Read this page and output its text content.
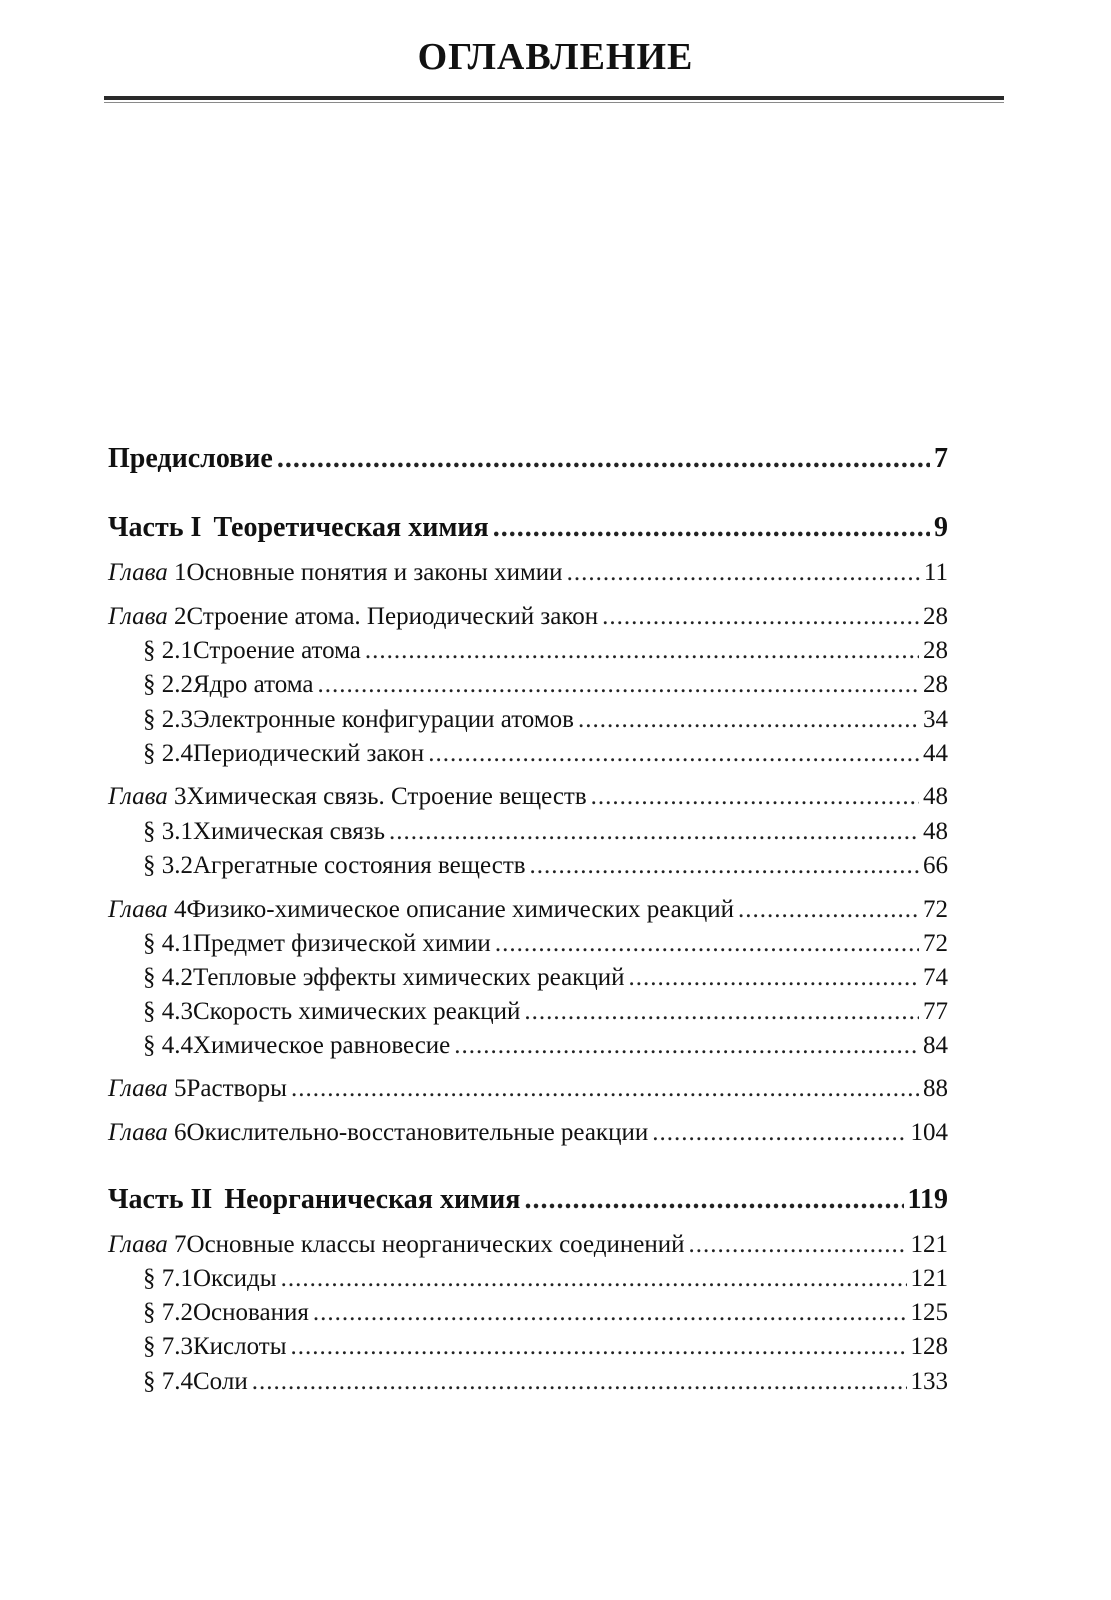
ОГЛАВЛЕНИЕ
Предисловие .....	7
Часть I Теоретическая химия .....	9
Глава 1 Основные понятия и законы химии .....	11
Глава 2 Строение атома. Периодический закон .....	28
§ 2.1 Строение атома .....	28
§ 2.2 Ядро атома .....	28
§ 2.3 Электронные конфигурации атомов .....	34
§ 2.4 Периодический закон .....	44
Глава 3 Химическая связь. Строение веществ .....	48
§ 3.1 Химическая связь .....	48
§ 3.2 Агрегатные состояния веществ .....	66
Глава 4 Физико-химическое описание химических реакций .....	72
§ 4.1 Предмет физической химии .....	72
§ 4.2 Тепловые эффекты химических реакций .....	74
§ 4.3 Скорость химических реакций .....	77
§ 4.4 Химическое равновесие .....	84
Глава 5 Растворы .....	88
Глава 6 Окислительно-восстановительные реакции .....	104
Часть II Неорганическая химия .....	119
Глава 7 Основные классы неорганических соединений .....	121
§ 7.1 Оксиды .....	121
§ 7.2 Основания .....	125
§ 7.3 Кислоты .....	128
§ 7.4 Соли .....	133
